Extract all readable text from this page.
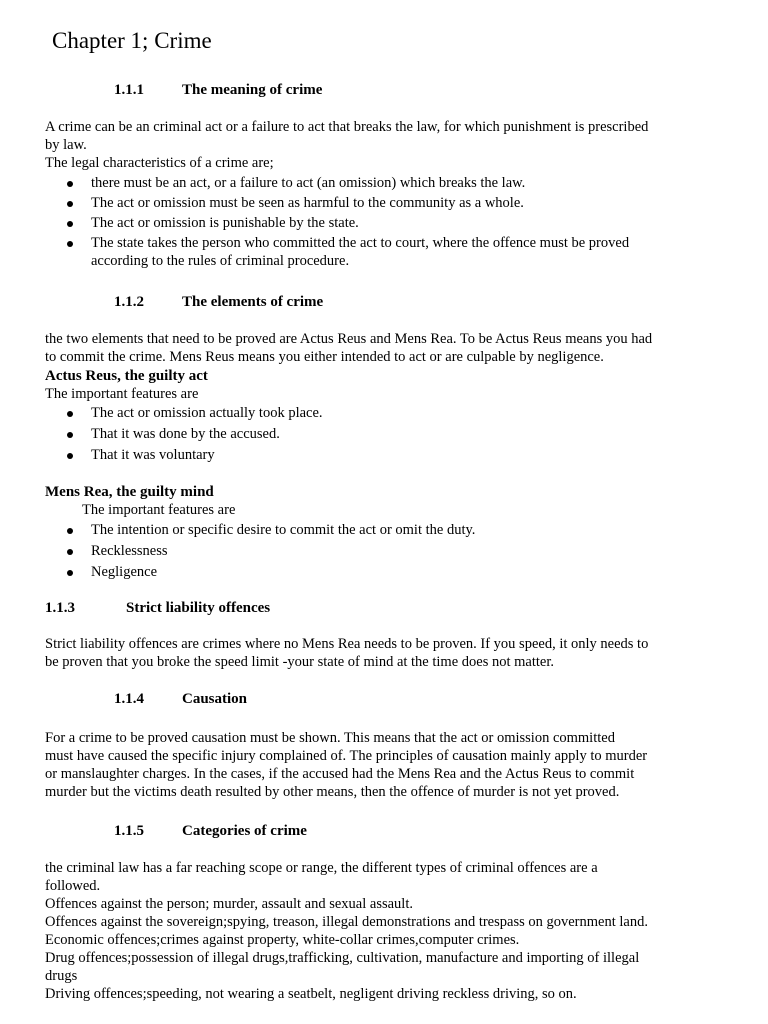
Chapter 1; Crime
1.1.1	The meaning of crime

A crime can be an criminal act or a failure to act that breaks the law, for which punishment is prescribed
by law.
The legal characteristics of a crime are;

there must be an act, or a failure to act (an omission) which breaks the law.
The act or omission must be seen as harmful to the community as a whole.
The act or omission is punishable by the state.
The state takes the person who committed the act to court, where the offence must be proved
according to the rules of criminal procedure.
1.1.2	The elements of crime

the two elements that need to be proved are Actus Reus and Mens Rea. To be Actus Reus means you had
to commit the crime. Mens Reus means you either intended to act or are culpable by negligence.

Actus Reus, the guilty act

The important features are

The act or omission actually took place.
That it was done by the accused.
That it was voluntary
Mens Rea, the guilty mind

The important features are

The intention or specific desire to commit the act or omit the duty.
Recklessness
Negligence
1.1.3	Strict liability offences

Strict liability offences are crimes where no Mens Rea needs to be proven. If you speed, it only needs to
be proven that you broke the speed limit -your state of mind at the time does not matter.

1.1.4	Causation

For a crime to be proved causation must be shown. This means that the act or omission committed
must have caused the specific injury complained of. The principles of causation mainly apply to murder
or manslaughter charges. In the cases, if the accused had the Mens Rea and the Actus Reus to commit
murder but the victims death resulted by other means, then the offence of murder is not yet proved.

1.1.5	Categories of crime

the criminal law has a far reaching scope or range, the different types of criminal offences are a
followed.
Offences against the person; murder, assault and sexual assault.
Offences against the sovereign;spying, treason, illegal demonstrations and trespass on government land.
Economic offences;crimes against property, white-collar crimes,computer crimes.
Drug offences;possession of illegal drugs,trafficking, cultivation, manufacture and importing of illegal
drugs
Driving offences;speeding, not wearing a seatbelt, negligent driving reckless driving, so on.
